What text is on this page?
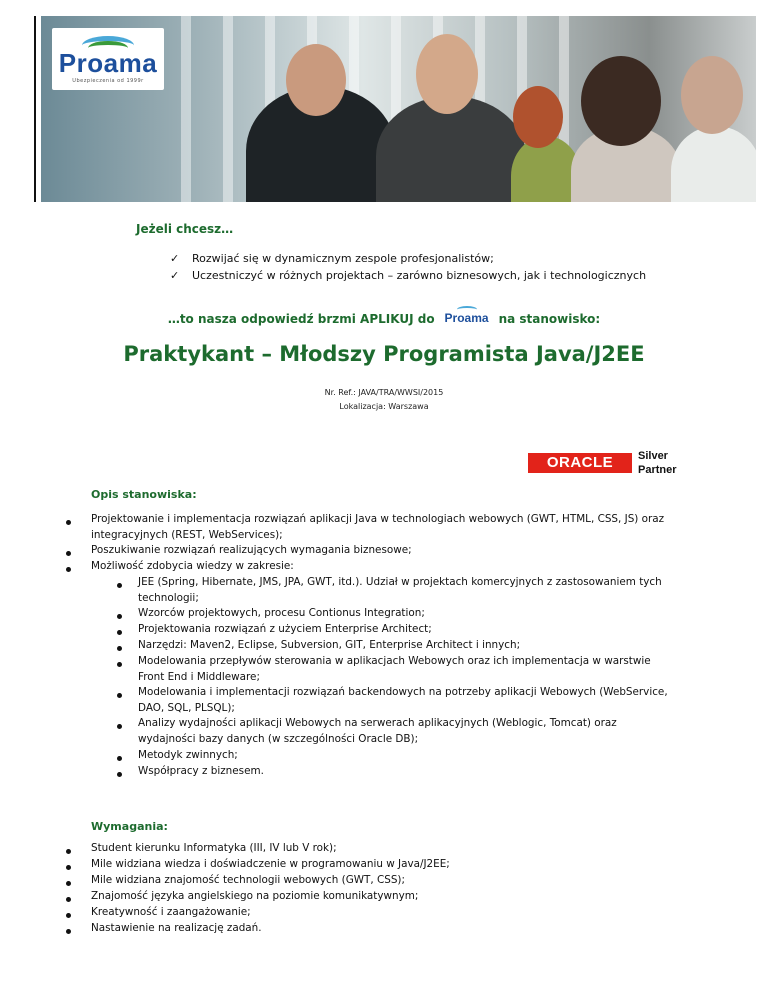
Proama
Ubezpieczenia od 1999r
Jeżeli chcesz…
✓ Rozwijać się w dynamicznym zespole profesjonalistów;
✓ Uczestniczyć w różnych projektach – zarówno biznesowych, jak i technologicznych
…to nasza odpowiedź brzmi APLIKUJ do Proama na stanowisko:
Praktykant – Młodszy Programista Java/J2EE
Nr. Ref.: JAVA/TRA/WWSI/2015
Lokalizacja: Warszawa
ORACLE	Silver
Partner
Opis stanowiska:
Projektowanie i implementacja rozwiązań aplikacji Java w technologiach webowych (GWT, HTML, CSS, JS) oraz
integracyjnych (REST, WebServices);
Poszukiwanie rozwiązań realizujących wymagania biznesowe;
Możliwość zdobycia wiedzy w zakresie:
JEE (Spring, Hibernate, JMS, JPA, GWT, itd.). Udział w projektach komercyjnych z zastosowaniem tych
technologii;
Wzorców projektowych, procesu Contionus Integration;
Projektowania rozwiązań z użyciem Enterprise Architect;
Narzędzi: Maven2, Eclipse, Subversion, GIT, Enterprise Architect i innych;
Modelowania przepływów sterowania w aplikacjach Webowych oraz ich implementacja w warstwie
Front End i Middleware;
Modelowania i implementacji rozwiązań backendowych na potrzeby aplikacji Webowych (WebService,
DAO, SQL, PLSQL);
Analizy wydajności aplikacji Webowych na serwerach aplikacyjnych (Weblogic, Tomcat) oraz
wydajności bazy danych (w szczególności Oracle DB);
Metodyk zwinnych;
Współpracy z biznesem.
Wymagania:
Student kierunku Informatyka (III, IV lub V rok);
Mile widziana wiedza i doświadczenie w programowaniu w Java/J2EE;
Mile widziana znajomość technologii webowych (GWT, CSS);
Znajomość języka angielskiego na poziomie komunikatywnym;
Kreatywność i zaangażowanie;
Nastawienie na realizację zadań.
